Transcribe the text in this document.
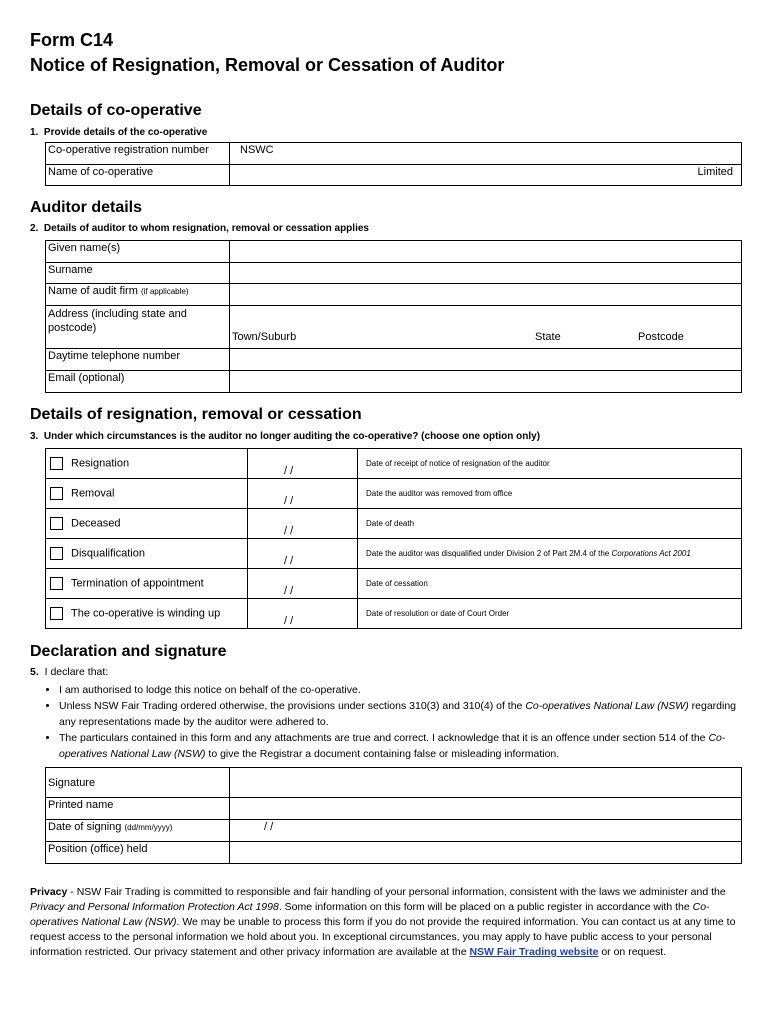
Form C14
Notice of Resignation, Removal or Cessation of Auditor
Details of co-operative
1. Provide details of the co-operative
Co-operative registration number	NSWC
Name of co-operative	Limited
Auditor details
2. Details of auditor to whom resignation, removal or cessation applies
Given name(s)	
Surname	
Name of audit firm (if applicable)	
Address (including state and postcode)	Town/Suburb State Postcode

Daytime telephone number	
Email (optional)	
Details of resignation, removal or cessation
3. Under which circumstances is the auditor no longer auditing the co-operative? (choose one option only)
Resignation	/ /	Date of receipt of notice of resignation of the auditor
Removal	/ /	Date the auditor was removed from office
Deceased	/ /	Date of death
Disqualification	/ /	Date the auditor was disqualified under Division 2 of Part 2M.4 of the Corporations Act 2001
Termination of appointment	/ /	Date of cessation
The co-operative is winding up	/ /	Date of resolution or date of Court Order
Declaration and signature
5. I declare that:
• I am authorised to lodge this notice on behalf of the co-operative.
• Unless NSW Fair Trading ordered otherwise, the provisions under sections 310(3) and 310(4) of the Co-operatives National Law (NSW) regarding any representations made by the auditor were adhered to.
• The particulars contained in this form and any attachments are true and correct. I acknowledge that it is an offence under section 514 of the Co-operatives National Law (NSW) to give the Registrar a document containing false or misleading information.
Signature	
Printed name	
Date of signing (dd/mm/yyyy)	/ /
Position (office) held	
Privacy - NSW Fair Trading is committed to responsible and fair handling of your personal information, consistent with the laws we administer and the Privacy and Personal Information Protection Act 1998. Some information on this form will be placed on a public register in accordance with the Co-operatives National Law (NSW). We may be unable to process this form if you do not provide the required information. You can contact us at any time to request access to the personal information we hold about you. In exceptional circumstances, you may apply to have public access to your personal information restricted. Our privacy statement and other privacy information are available at the NSW Fair Trading website or on request.
